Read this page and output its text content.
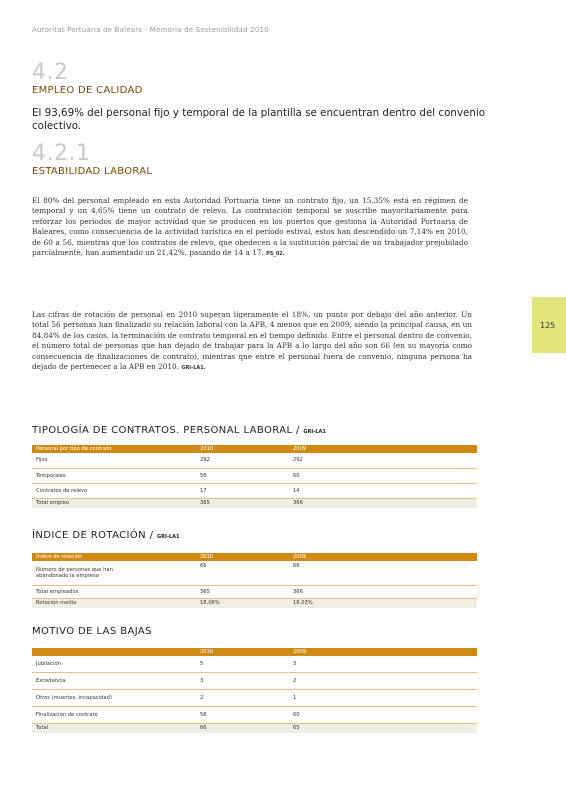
Autoritat Portuària de Balears - Memoria de Sostenibilidad 2010
4.2
EMPLEO DE CALIDAD
El 93,69% del personal fijo y temporal de la plantilla se encuentran dentro del convenio colectivo.
4.2.1
ESTABILIDAD LABORAL
El 80% del personal empleado en esta Autoridad Portuaria tiene un contrato fijo, un 15,35% está en régimen de temporal y un 4,65% tiene un contrato de relevo. La contratación temporal se suscribe mayoritariamente para reforzar los períodos de mayor actividad que se producen en los puertos que gestiona la Autoridad Portuaria de Baleares, como consecuencia de la actividad turística en el período estival, estos han descendido un 7,14% en 2010, de 60 a 56, mientras que los contratos de relevo, que obedecen a la sustitución parcial de un trabajador prejubilado parcialmente, han aumentado un 21,42%, pasando de 14 a 17. PS_02.
Las cifras de rotación de personal en 2010 superan ligeramente el 18%, un punto por debajo del año anterior. Un total 56 personas han finalizado su relación laboral con la APB, 4 menos que en 2009, siendo la principal causa, en un 84,84% de los casos, la terminación de contrato temporal en el tiempo definido. Entre el personal dentro de convenio, el número total de personas que han dejado de trabajar para la APB a lo largo del año son 66 (en su mayoría como consecuencia de finalizaciones de contrato), mientras que entre el personal fuera de convenio, ninguna persona ha dejado de pertenecer a la APB en 2010. GRI-LA1.
125
TIPOLOGÍA DE CONTRATOS. PERSONAL LABORAL / GRI-LA1
Personal por tipo de contrato	2010	2009
Fijos	292	292
Temporales	56	60
Contratos de relevo	17	14
Total empleo	365	366
ÍNDICE DE ROTACIÓN / GRI-LA1
Índice de rotación	2010	2009
Número de personas que han abandonado la empresa	66	66
Total empleados	365	366
Rotación media	18,08%	18,03%
MOTIVO DE LAS BAJAS
	2010	2009
Jubilación	5	3
Excedencia	3	2
Otros (muertes, incapacidad)	2	1
Finalización de contrato	56	60
Total	66	65
